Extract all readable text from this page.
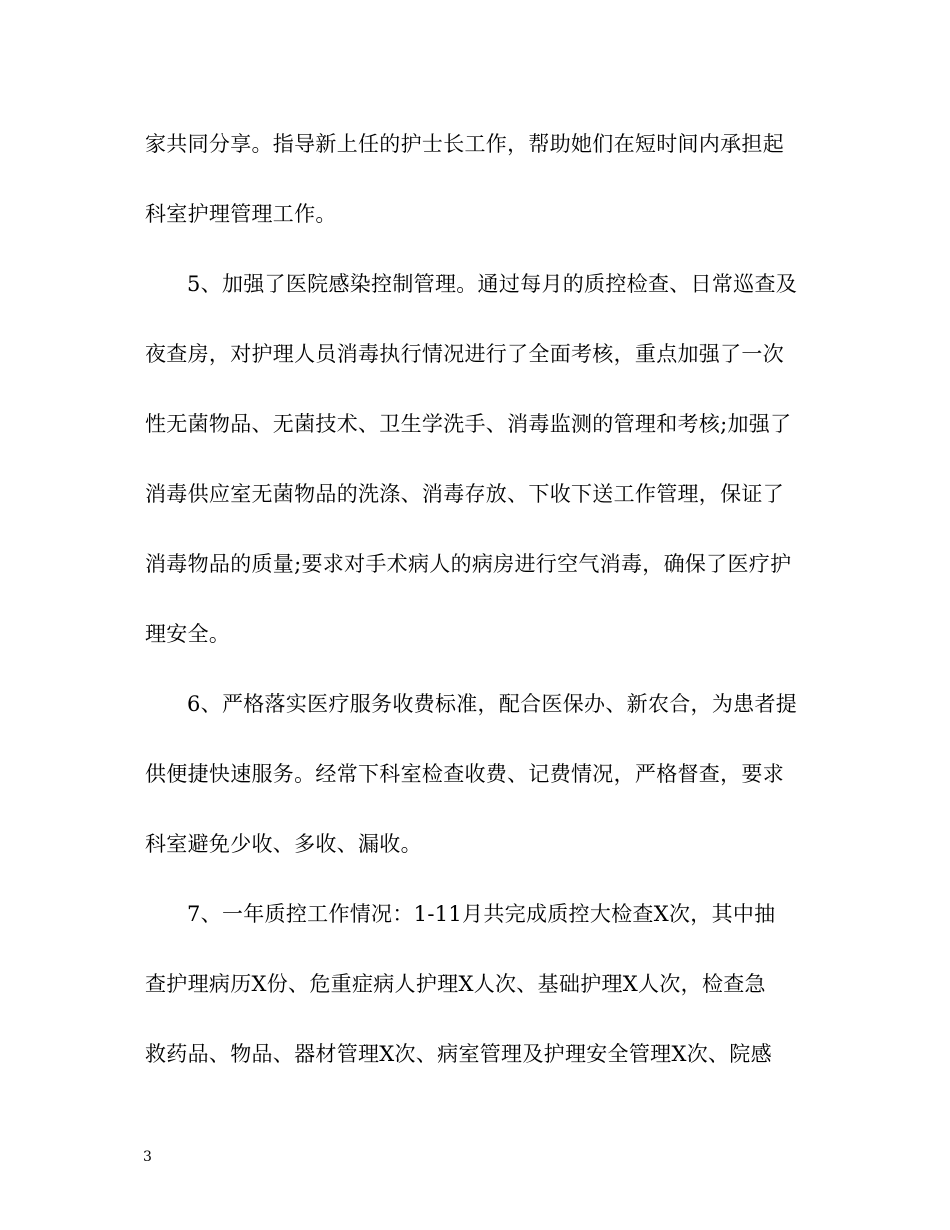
家共同分享。指导新上任的护士长工作，帮助她们在短时间内承担起
科室护理管理工作。
5、加强了医院感染控制管理。通过每月的质控检查、日常巡查及
夜查房，对护理人员消毒执行情况进行了全面考核，重点加强了一次
性无菌物品、无菌技术、卫生学洗手、消毒监测的管理和考核;加强了
消毒供应室无菌物品的洗涤、消毒存放、下收下送工作管理，保证了
消毒物品的质量;要求对手术病人的病房进行空气消毒，确保了医疗护
理安全。
6、严格落实医疗服务收费标准，配合医保办、新农合，为患者提
供便捷快速服务。经常下科室检查收费、记费情况，严格督查，要求
科室避免少收、多收、漏收。
7、一年质控工作情况：1-11月共完成质控大检查X次，其中抽
查护理病历X份、危重症病人护理X人次、基础护理X人次，检查急
救药品、物品、器材管理X次、病室管理及护理安全管理X次、院感
3
